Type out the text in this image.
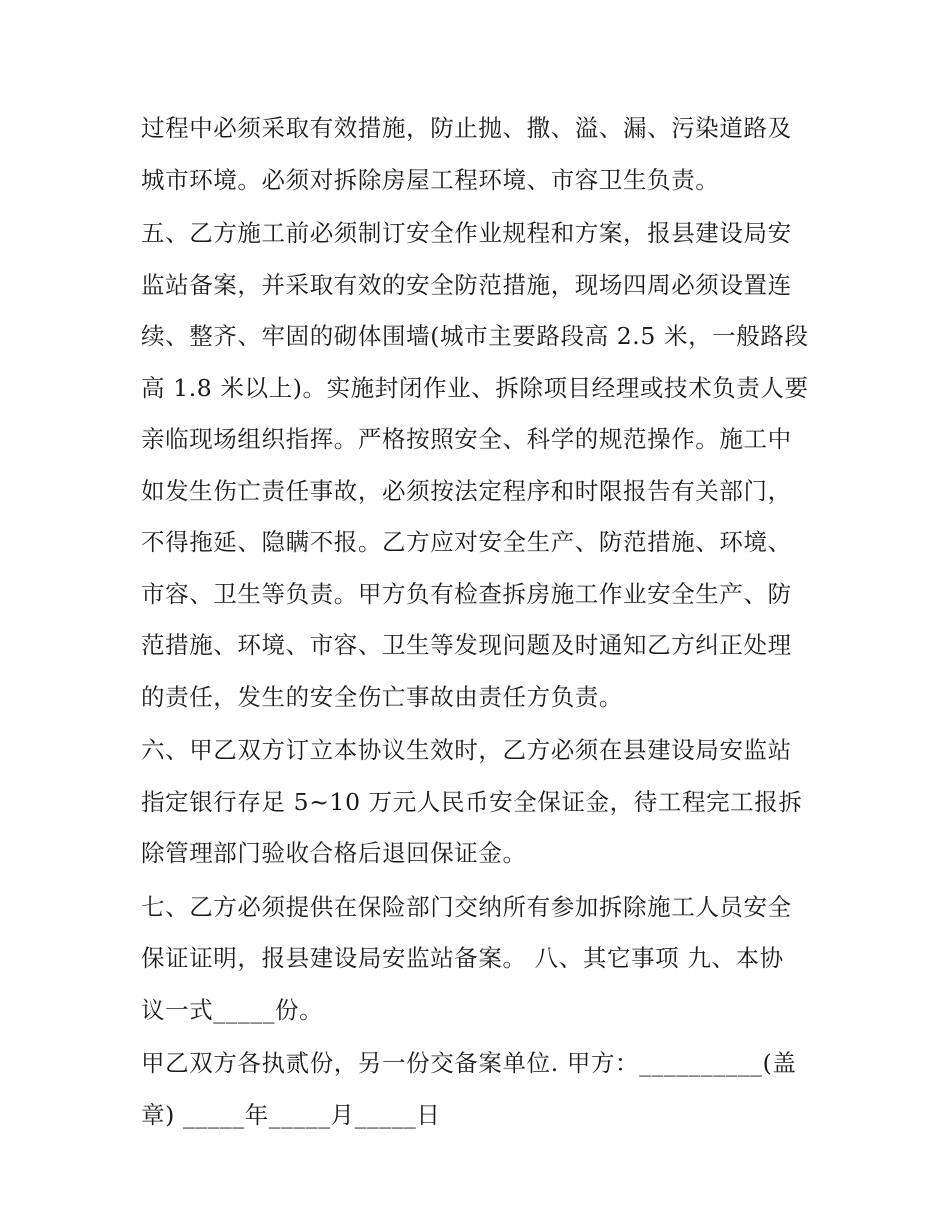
过程中必须采取有效措施，防止抛、撒、溢、漏、污染道路及
城市环境。必须对拆除房屋工程环境、市容卫生负责。
五、乙方施工前必须制订安全作业规程和方案，报县建设局安
监站备案，并采取有效的安全防范措施，现场四周必须设置连
续、整齐、牢固的砌体围墙(城市主要路段高 2.5 米，一般路段
高 1.8 米以上)。实施封闭作业、拆除项目经理或技术负责人要
亲临现场组织指挥。严格按照安全、科学的规范操作。施工中
如发生伤亡责任事故，必须按法定程序和时限报告有关部门，
不得拖延、隐瞒不报。乙方应对安全生产、防范措施、环境、
市容、卫生等负责。甲方负有检查拆房施工作业安全生产、防
范措施、环境、市容、卫生等发现问题及时通知乙方纠正处理
的责任，发生的安全伤亡事故由责任方负责。
六、甲乙双方订立本协议生效时，乙方必须在县建设局安监站
指定银行存足 5~10 万元人民币安全保证金，待工程完工报拆
除管理部门验收合格后退回保证金。
七、乙方必须提供在保险部门交纳所有参加拆除施工人员安全
保证证明，报县建设局安监站备案。 八、其它事项 九、本协
议一式_____份。
甲乙双方各执贰份，另一份交备案单位. 甲方：__________(盖
章) _____年_____月_____日
